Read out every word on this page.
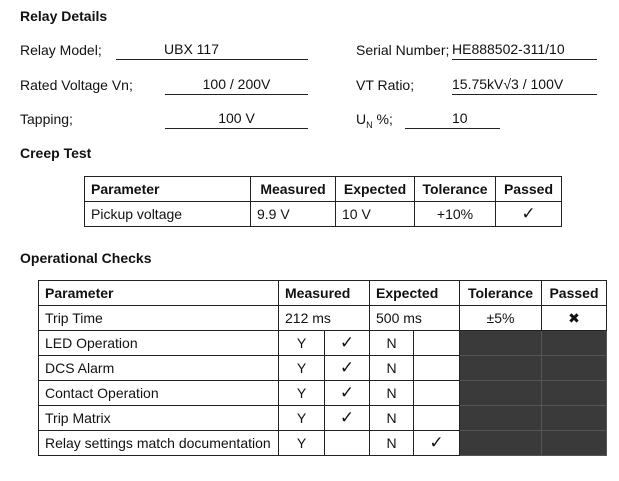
Relay Details
Relay Model;	UBX 117	Serial Number; HE888502-311/10
Rated Voltage Vn;	100 / 200V	VT Ratio;	15.75kV√3 / 100V
Tapping;	100 V	$U_N$ %;	10
Creep Test
Parameter	Measured	Expected	Tolerance	Passed
Pickup voltage	9.9 V	10 V	+10%	✓
Operational Checks
Parameter	Measured		Expected		Tolerance	Passed
Trip Time	212 ms		500 ms		±5%	✖
LED Operation	Y	✓	N			
DCS Alarm	Y	✓	N			
Contact Operation	Y	✓	N			
Trip Matrix	Y	✓	N			
Relay settings match documentation	Y		N	✓		
